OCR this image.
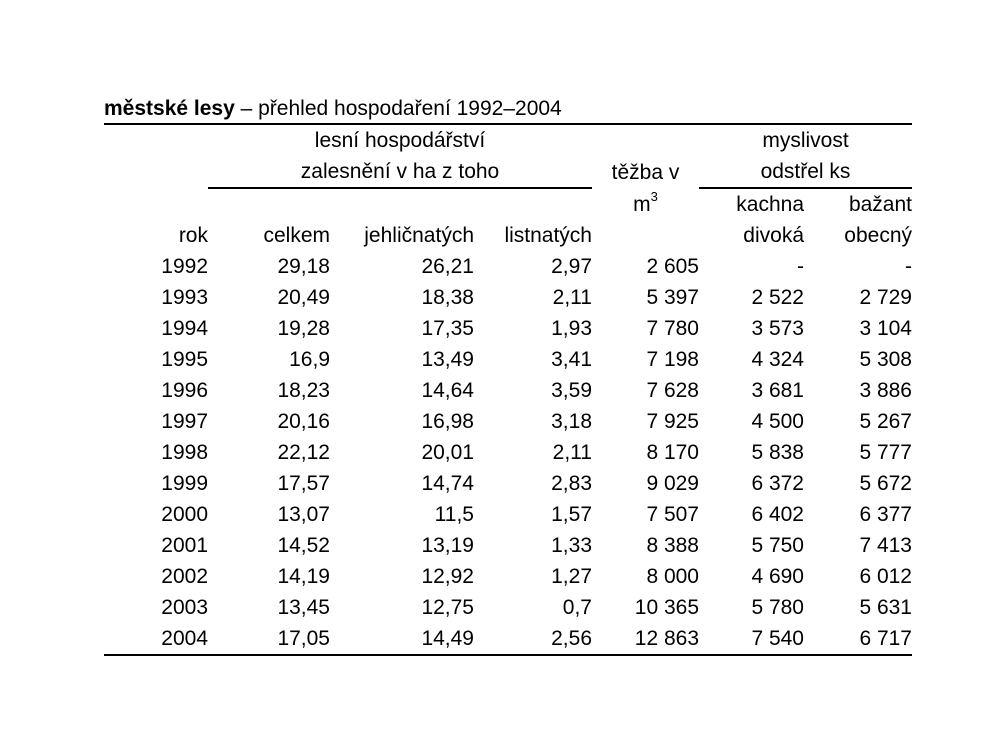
městské lesy – přehled hospodaření 1992–2004
	lesní hospodářství				myslivost	
	zalesnění v ha z toho			těžba v	odstřel ks	
				$m^3$	kachna	bažant
rok	celkem	jehličnatých	listnatých		divoká	obecný
1992	29,18	26,21	2,97	2 605	-	-
1993	20,49	18,38	2,11	5 397	2 522	2 729
1994	19,28	17,35	1,93	7 780	3 573	3 104
1995	16,9	13,49	3,41	7 198	4 324	5 308
1996	18,23	14,64	3,59	7 628	3 681	3 886
1997	20,16	16,98	3,18	7 925	4 500	5 267
1998	22,12	20,01	2,11	8 170	5 838	5 777
1999	17,57	14,74	2,83	9 029	6 372	5 672
2000	13,07	11,5	1,57	7 507	6 402	6 377
2001	14,52	13,19	1,33	8 388	5 750	7 413
2002	14,19	12,92	1,27	8 000	4 690	6 012
2003	13,45	12,75	0,7	10 365	5 780	5 631
2004	17,05	14,49	2,56	12 863	7 540	6 717
